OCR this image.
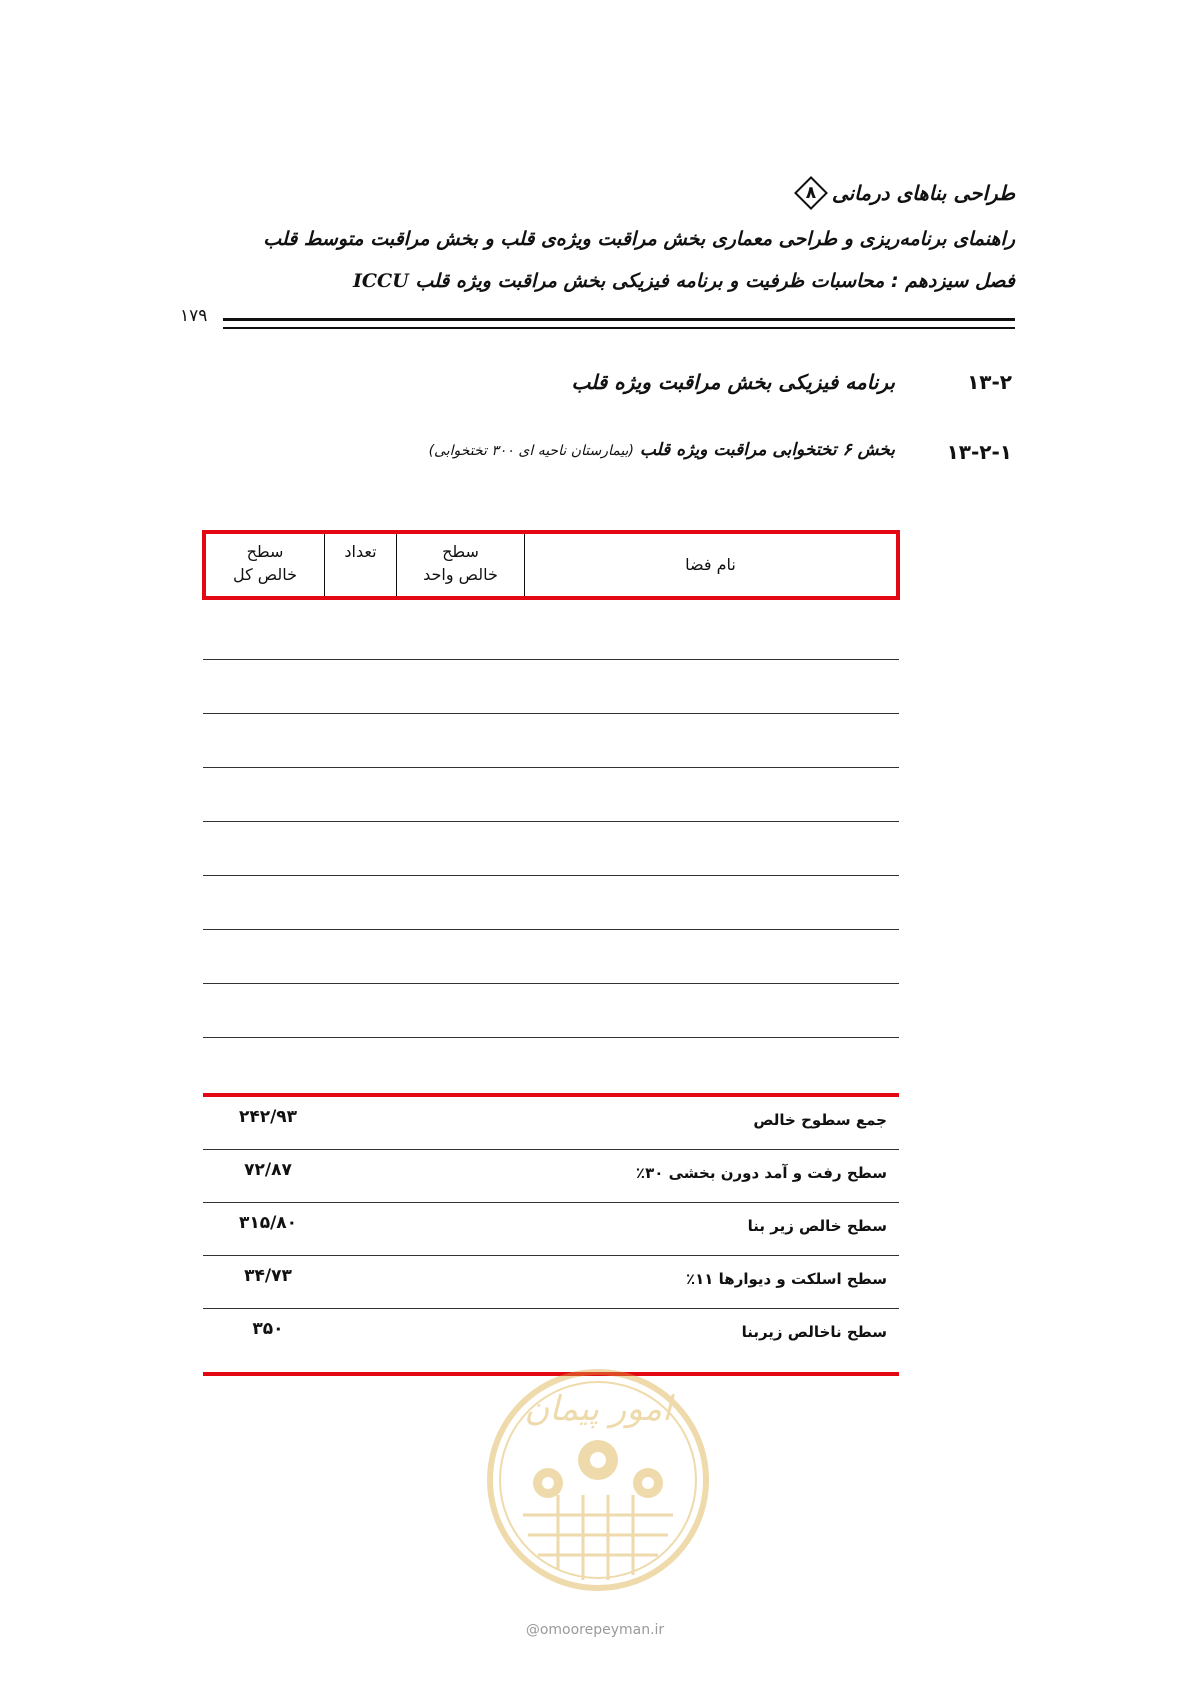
طراحی بناهای درمانی
۸
راهنمای برنامه‌ریزی و طراحی معماری بخش مراقبت ویژه‌ی قلب و بخش مراقبت متوسط قلب
فصل سیزدهم : محاسبات ظرفیت و برنامه فیزیکی بخش مراقبت ویژه قلب ICCU
۱۷۹
۱۳-۲
برنامه فیزیکی بخش مراقبت ویژه قلب
۱۳-۲-۱
بخش ۶ تختخوابی مراقبت ویژه قلب (بیمارستان ناحیه ای ۳۰۰ تختخوابی)
نام فضا
سطح
خالص واحد
تعداد
سطح
خالص کل
جمع سطوح خالص
۲۴۲/۹۳
سطح رفت و آمد دورن بخشی ۳۰٪
۷۲/۸۷
سطح خالص زیر بنا
۳۱۵/۸۰
سطح اسلکت و دیوارها ۱۱٪
۳۴/۷۳
سطح ناخالص زیربنا
۳۵۰
امور پیمان
@omoorepeyman.ir
